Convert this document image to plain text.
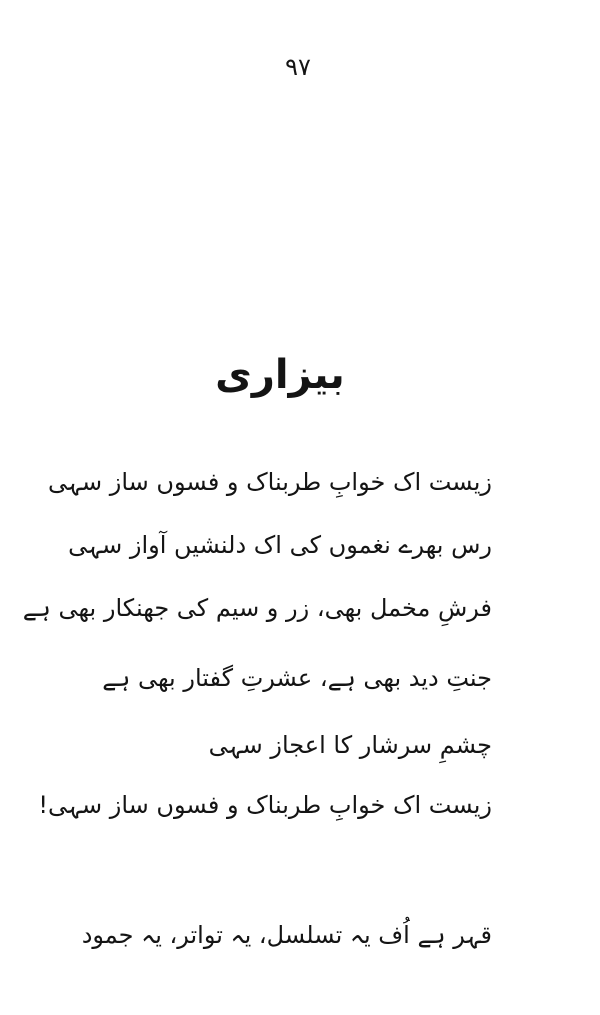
۹۷
بیزاری
زیست اک خوابِ طربناک و فسوں ساز سہی
رس بھرے نغموں کی اک دلنشیں آواز سہی
فرشِ مخمل بھی، زر و سیم کی جھنکار بھی ہے
جنتِ دید بھی ہے، عشرتِ گفتار بھی ہے
چشمِ سرشار کا اعجاز سہی
زیست اک خوابِ طربناک و فسوں ساز سہی!
قہر ہے اُف یہ تسلسل، یہ تواتر، یہ جمود
